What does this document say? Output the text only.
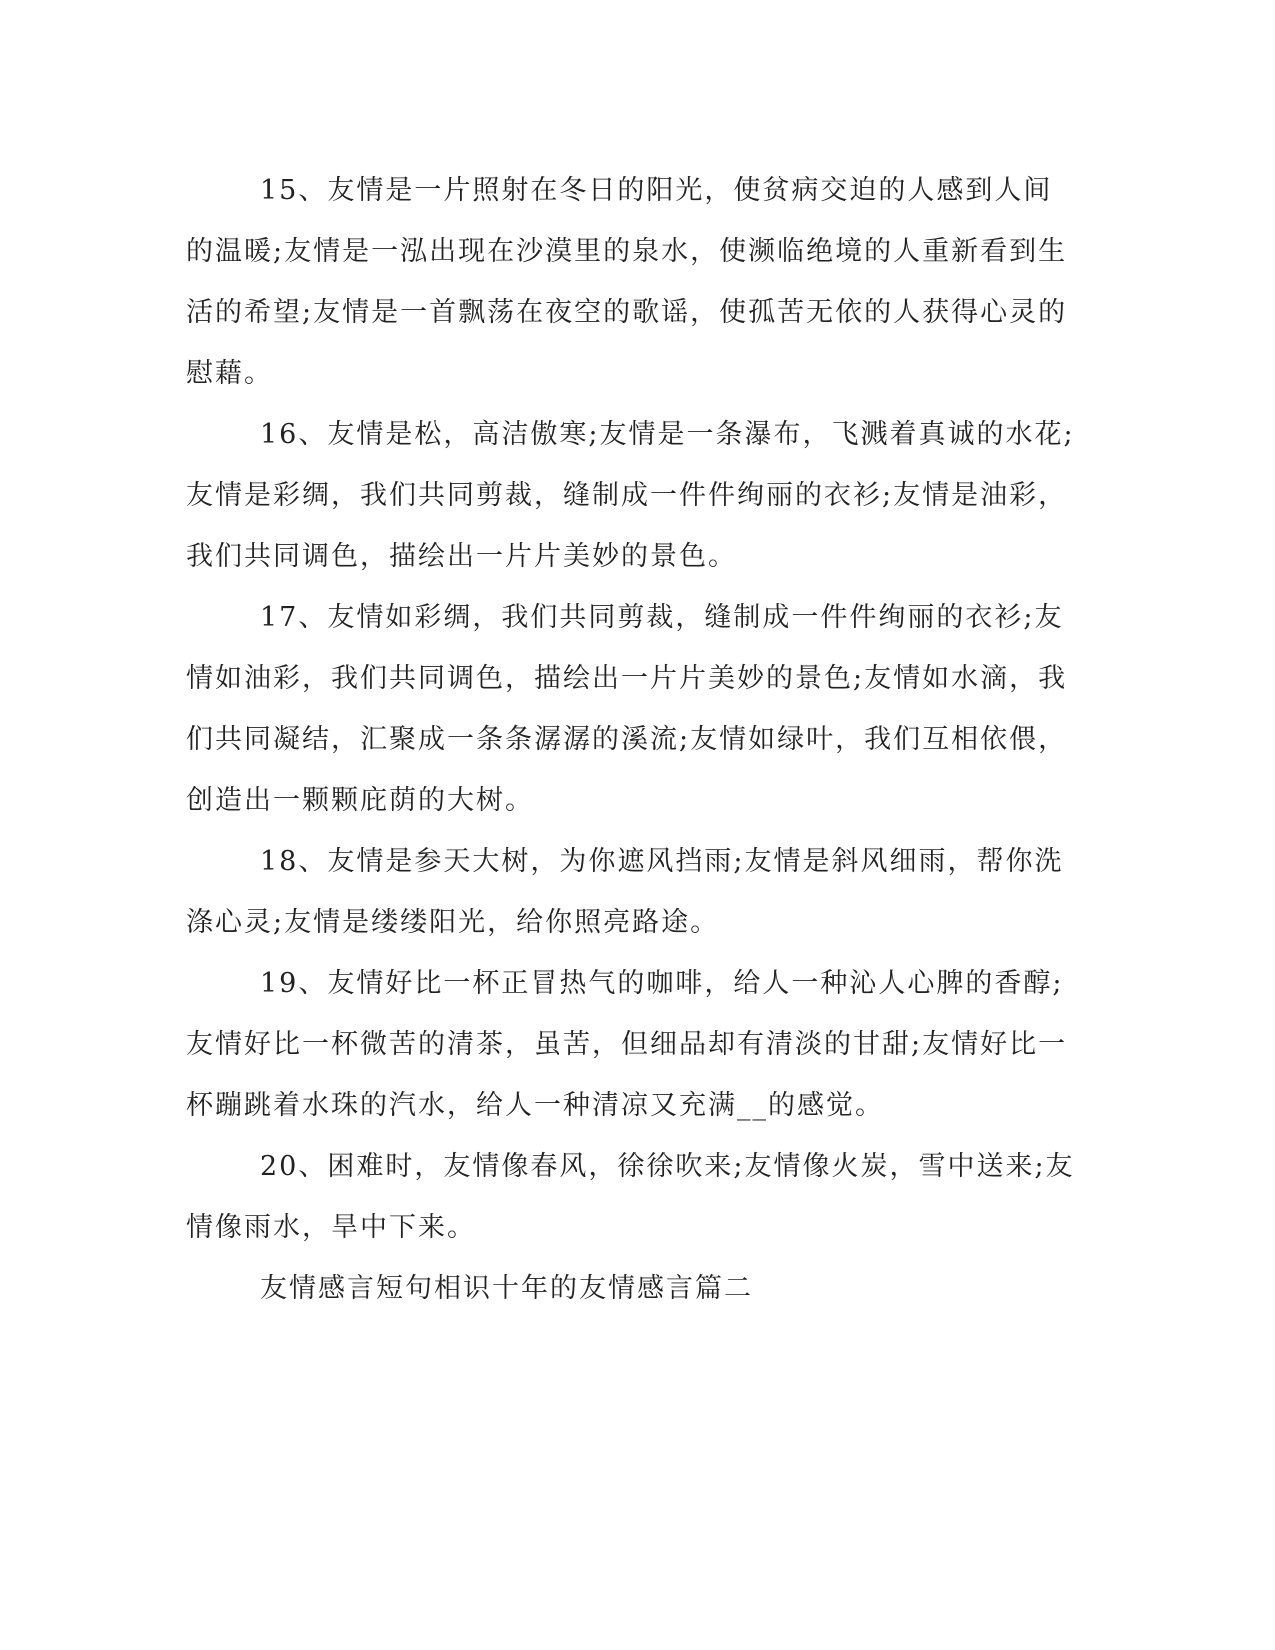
15、友情是一片照射在冬日的阳光，使贫病交迫的人感到人间的温暖;友情是一泓出现在沙漠里的泉水，使濒临绝境的人重新看到生活的希望;友情是一首飘荡在夜空的歌谣，使孤苦无依的人获得心灵的慰藉。

16、友情是松，高洁傲寒;友情是一条瀑布，飞溅着真诚的水花;友情是彩绸，我们共同剪裁，缝制成一件件绚丽的衣衫;友情是油彩，我们共同调色，描绘出一片片美妙的景色。

17、友情如彩绸，我们共同剪裁，缝制成一件件绚丽的衣衫;友情如油彩，我们共同调色，描绘出一片片美妙的景色;友情如水滴，我们共同凝结，汇聚成一条条潺潺的溪流;友情如绿叶，我们互相依偎，创造出一颗颗庇荫的大树。

18、友情是参天大树，为你遮风挡雨;友情是斜风细雨，帮你洗涤心灵;友情是缕缕阳光，给你照亮路途。

19、友情好比一杯正冒热气的咖啡，给人一种沁人心脾的香醇;友情好比一杯微苦的清茶，虽苦，但细品却有清淡的甘甜;友情好比一杯蹦跳着水珠的汽水，给人一种清凉又充满__的感觉。

20、困难时，友情像春风，徐徐吹来;友情像火炭，雪中送来;友情像雨水，旱中下来。

友情感言短句相识十年的友情感言篇二
